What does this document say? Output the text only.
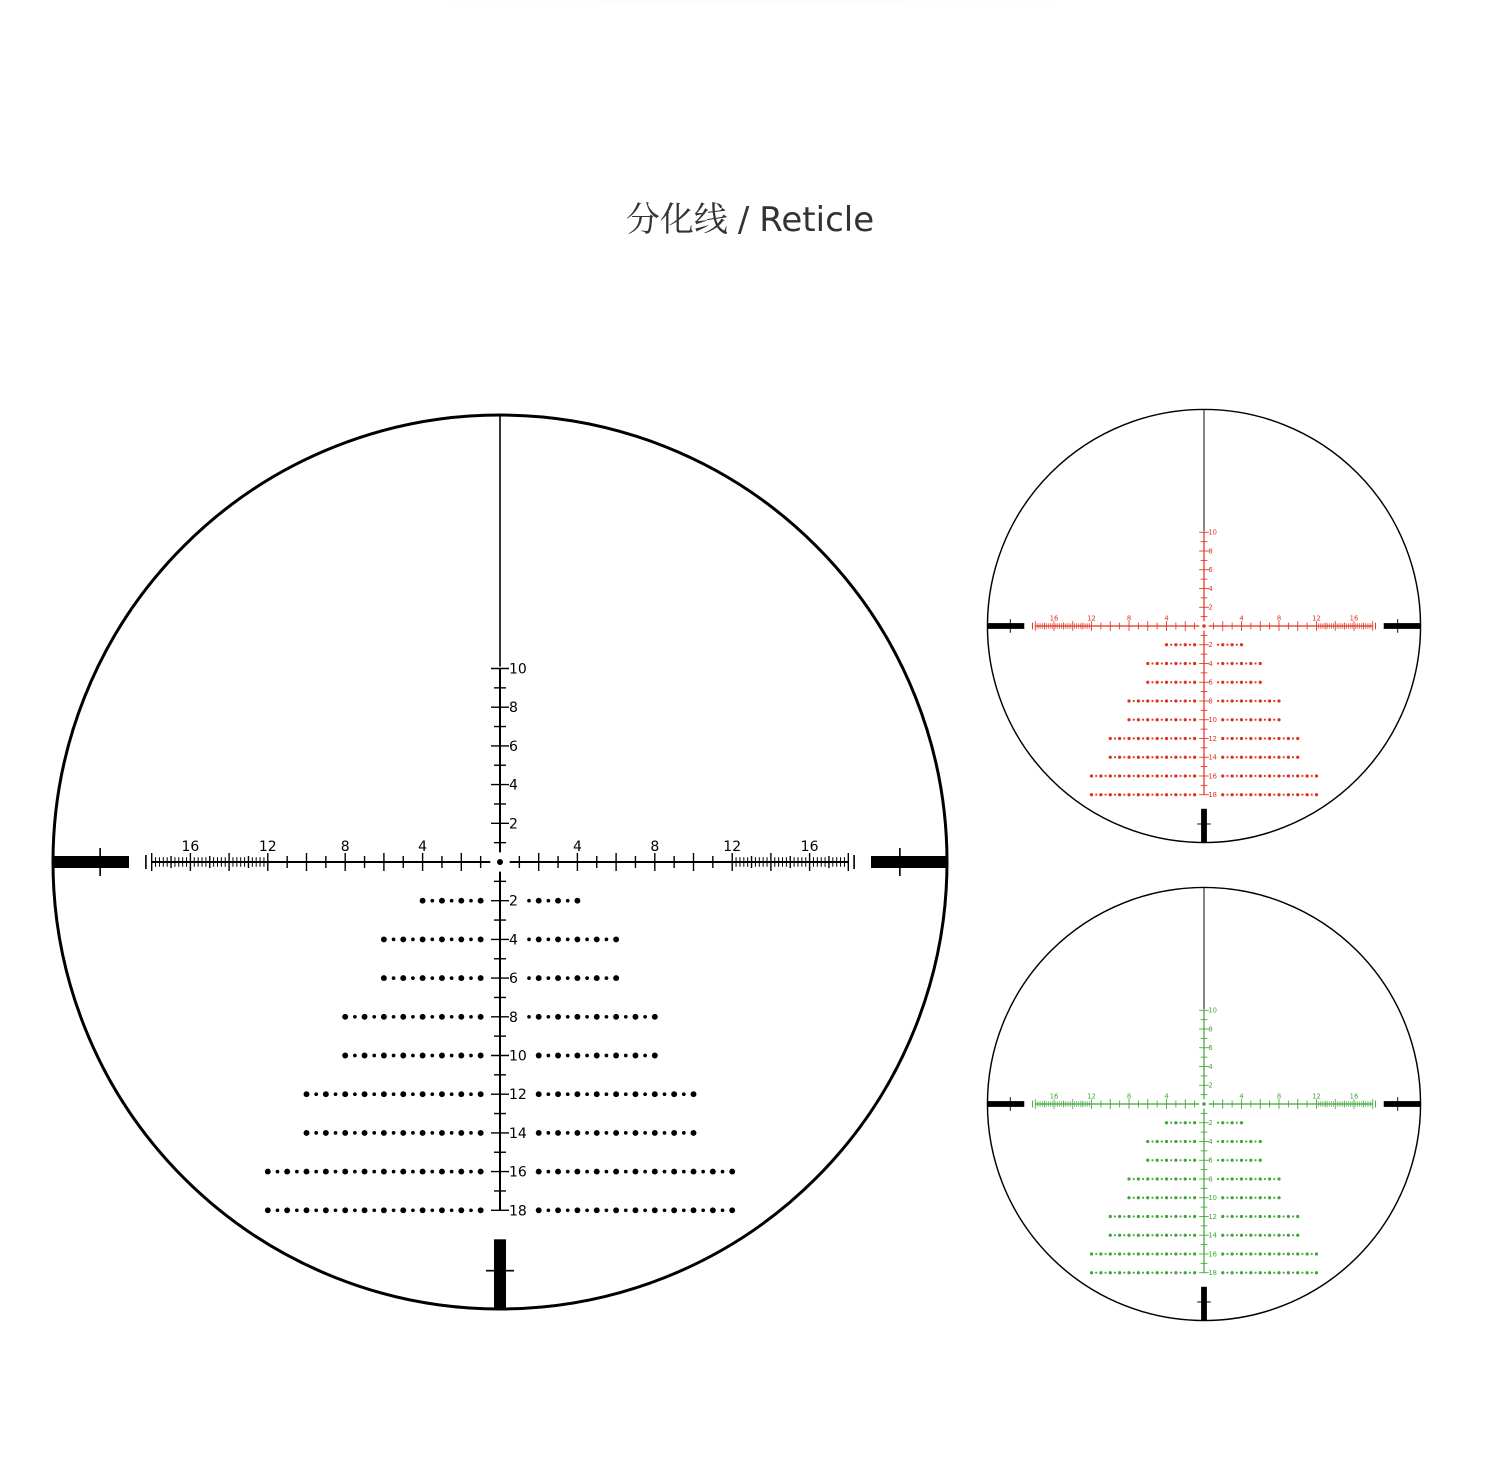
分化线 / Reticle
16	12	8	4	4	8	12	16
10
8
6
4
2
2
4
6
8
10
12
14
16
18
16	12	8	4	4	8	12	16
10
8
6
4
2
2
4
6
8
10
12
14
16
18
16	12	8	4	4	8	12	16
10
8
6
4
2
2
4
6
8
10
12
14
16
18
